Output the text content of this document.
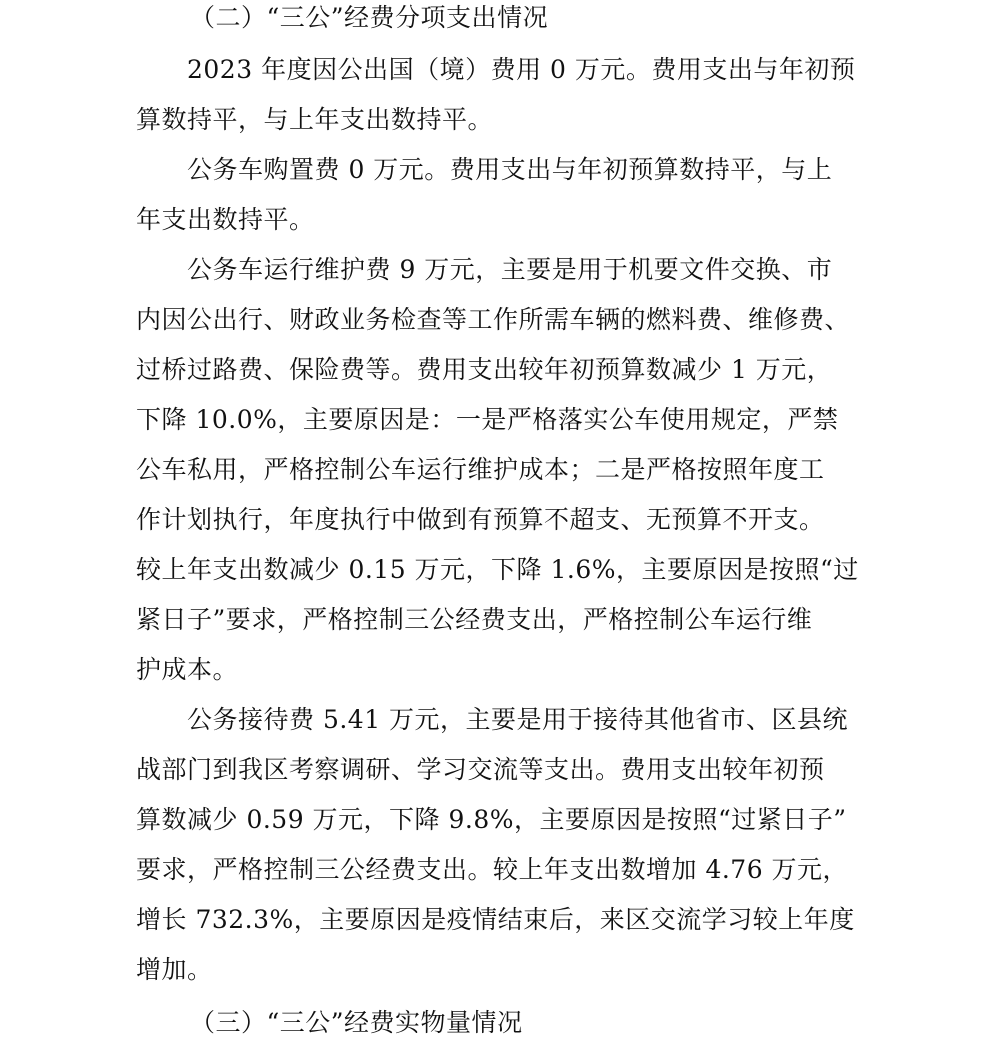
（二）“三公”经费分项支出情况
2023 年度因公出国（境）费用 0 万元。费用支出与年初预
算数持平，与上年支出数持平。
公务车购置费 0 万元。费用支出与年初预算数持平，与上
年支出数持平。
公务车运行维护费 9 万元，主要是用于机要文件交换、市
内因公出行、财政业务检查等工作所需车辆的燃料费、维修费、
过桥过路费、保险费等。费用支出较年初预算数减少 1 万元，
下降 10.0%，主要原因是：一是严格落实公车使用规定，严禁
公车私用，严格控制公车运行维护成本；二是严格按照年度工
作计划执行，年度执行中做到有预算不超支、无预算不开支。
较上年支出数减少 0.15 万元，下降 1.6%，主要原因是按照“过
紧日子”要求，严格控制三公经费支出，严格控制公车运行维
护成本。
公务接待费 5.41 万元，主要是用于接待其他省市、区县统
战部门到我区考察调研、学习交流等支出。费用支出较年初预
算数减少 0.59 万元，下降 9.8%，主要原因是按照“过紧日子”
要求，严格控制三公经费支出。较上年支出数增加 4.76 万元，
增长 732.3%，主要原因是疫情结束后，来区交流学习较上年度
增加。
（三）“三公”经费实物量情况
